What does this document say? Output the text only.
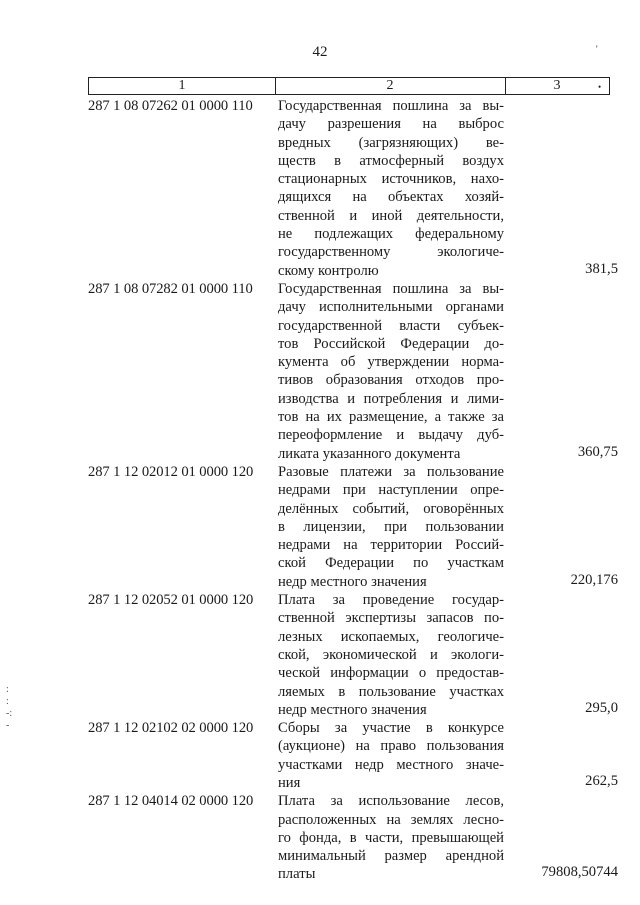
'
42
1	2	3	•
287 1 08 07262 01 0000 110	Государственная пошлина за вы-
дачу разрешения на выброс
вредных (загрязняющих) ве-
ществ в атмосферный воздух
стационарных источников, нахо-
дящихся на объектах хозяй-
ственной и иной деятельности,
не подлежащих федеральному
государственному экологиче-
скому контролю	381,5
287 1 08 07282 01 0000 110	Государственная пошлина за вы-
дачу исполнительными органами
государственной власти субъек-
тов Российской Федерации до-
кумента об утверждении норма-
тивов образования отходов про-
изводства и потребления и лими-
тов на их размещение, а также за
переоформление и выдачу дуб-
ликата указанного документа	360,75
287 1 12 02012 01 0000 120	Разовые платежи за пользование
недрами при наступлении опре-
делённых событий, оговорённых
в лицензии, при пользовании
недрами на территории Россий-
ской Федерации по участкам
недр местного значения	220,176
287 1 12 02052 01 0000 120	Плата за проведение государ-
ственной экспертизы запасов по-
лезных ископаемых, геологиче-
ской, экономической и экологи-
ческой информации о предостав-
ляемых в пользование участках
недр местного значения	295,0
287 1 12 02102 02 0000 120	Сборы за участие в конкурсе
(аукционе) на право пользования
участками недр местного значе-
ния	262,5
287 1 12 04014 02 0000 120	Плата за использование лесов,
расположенных на землях лесно-
го фонда, в части, превышающей
минимальный размер арендной
платы	79808,50744
:
:
-:
-
